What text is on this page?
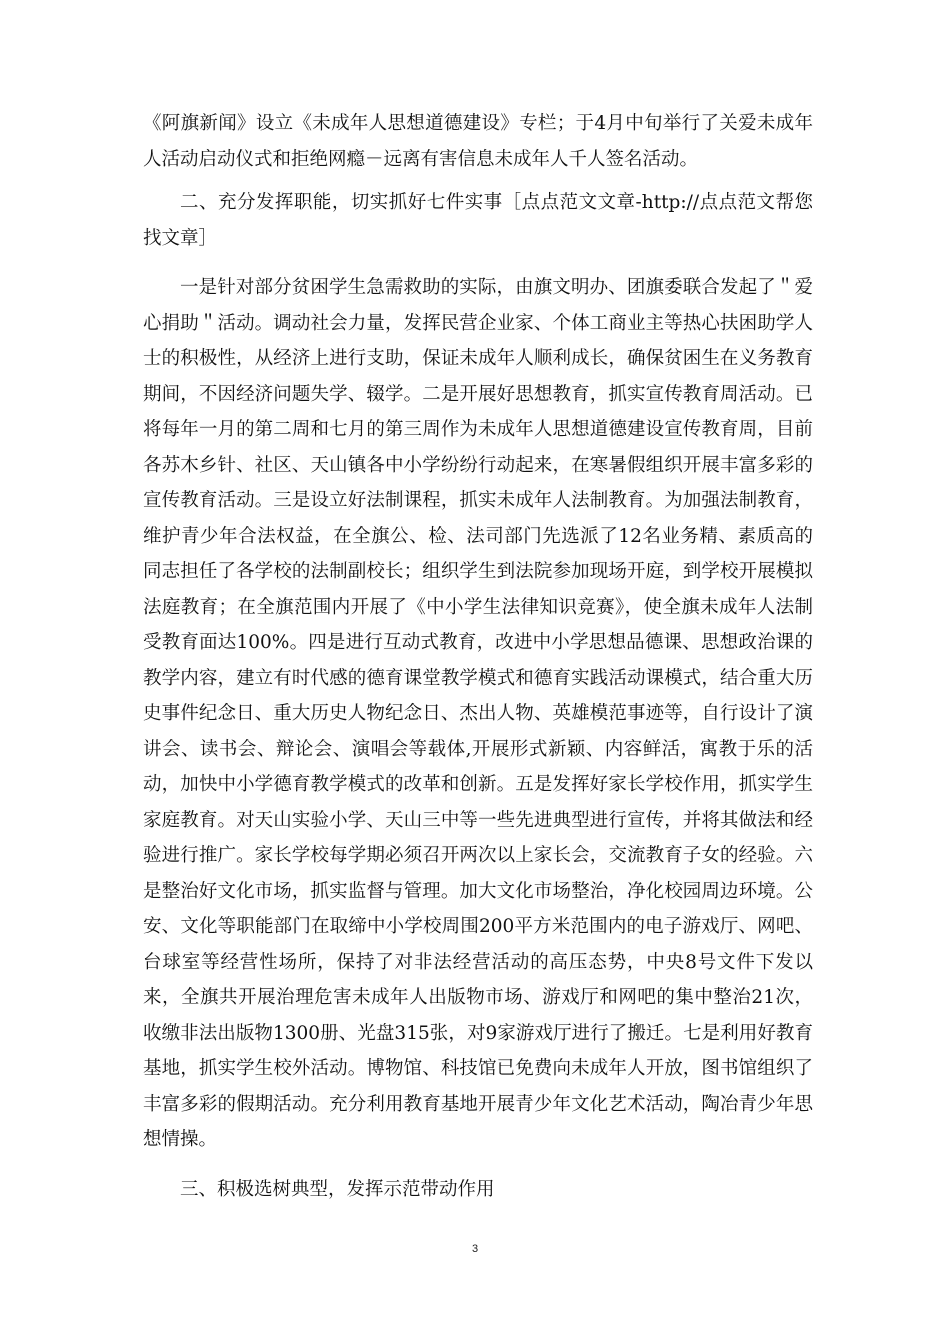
《阿旗新闻》设立《未成年人思想道德建设》专栏；于4月中旬举行了关爱未成年人活动启动仪式和拒绝网瘾－远离有害信息未成年人千人签名活动。

二、充分发挥职能，切实抓好七件实事［点点范文文章-http://点点范文帮您找文章］

一是针对部分贫困学生急需救助的实际，由旗文明办、团旗委联合发起了＂爱心捐助＂活动。调动社会力量，发挥民营企业家、个体工商业主等热心扶困助学人士的积极性，从经济上进行支助，保证未成年人顺利成长，确保贫困生在义务教育期间，不因经济问题失学、辍学。二是开展好思想教育，抓实宣传教育周活动。已将每年一月的第二周和七月的第三周作为未成年人思想道德建设宣传教育周，目前各苏木乡针、社区、天山镇各中小学纷纷行动起来，在寒暑假组织开展丰富多彩的宣传教育活动。三是设立好法制课程，抓实未成年人法制教育。为加强法制教育，维护青少年合法权益，在全旗公、检、法司部门先选派了12名业务精、素质高的同志担任了各学校的法制副校长；组织学生到法院参加现场开庭，到学校开展模拟法庭教育；在全旗范围内开展了《中小学生法律知识竞赛》，使全旗未成年人法制受教育面达100%。四是进行互动式教育，改进中小学思想品德课、思想政治课的教学内容，建立有时代感的德育课堂教学模式和德育实践活动课模式，结合重大历史事件纪念日、重大历史人物纪念日、杰出人物、英雄模范事迹等，自行设计了演讲会、读书会、辩论会、演唱会等载体,开展形式新颖、内容鲜活，寓教于乐的活动，加快中小学德育教学模式的改革和创新。五是发挥好家长学校作用，抓实学生家庭教育。对天山实验小学、天山三中等一些先进典型进行宣传，并将其做法和经验进行推广。家长学校每学期必须召开两次以上家长会，交流教育子女的经验。六是整治好文化市场，抓实监督与管理。加大文化市场整治，净化校园周边环境。公安、文化等职能部门在取缔中小学校周围200平方米范围内的电子游戏厅、网吧、台球室等经营性场所，保持了对非法经营活动的高压态势，中央8号文件下发以来，全旗共开展治理危害未成年人出版物市场、游戏厅和网吧的集中整治21次，收缴非法出版物1300册、光盘315张，对9家游戏厅进行了搬迁。七是利用好教育基地，抓实学生校外活动。博物馆、科技馆已免费向未成年人开放，图书馆组织了丰富多彩的假期活动。充分利用教育基地开展青少年文化艺术活动，陶冶青少年思想情操。

三、积极选树典型，发挥示范带动作用

3
